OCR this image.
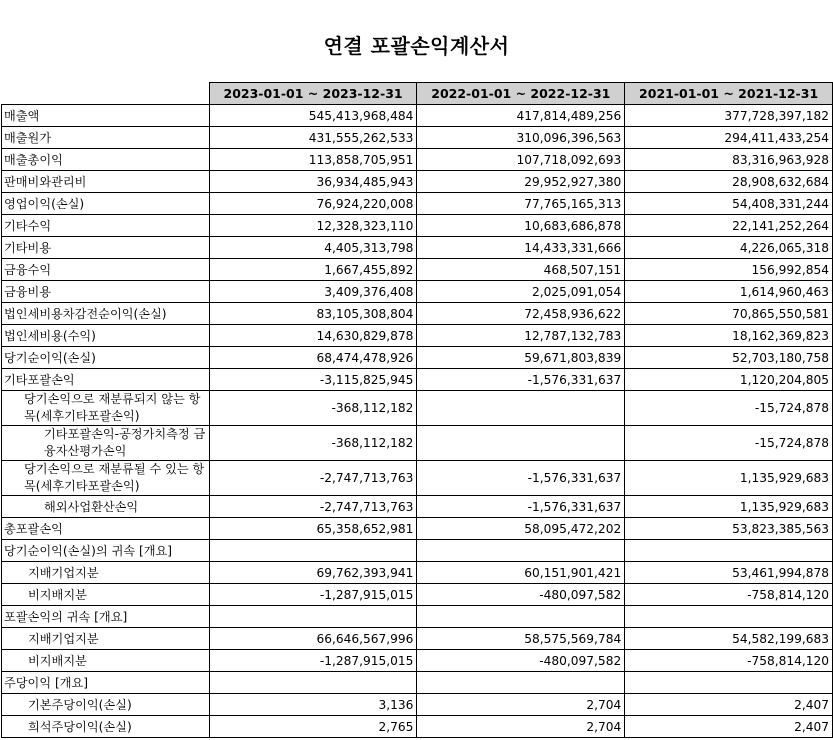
연결 포괄손익계산서
	2023-01-01 ~ 2023-12-31	2022-01-01 ~ 2022-12-31	2021-01-01 ~ 2021-12-31
매출액	545,413,968,484	417,814,489,256	377,728,397,182
매출원가	431,555,262,533	310,096,396,563	294,411,433,254
매출총이익	113,858,705,951	107,718,092,693	83,316,963,928
판매비와관리비	36,934,485,943	29,952,927,380	28,908,632,684
영업이익(손실)	76,924,220,008	77,765,165,313	54,408,331,244
기타수익	12,328,323,110	10,683,686,878	22,141,252,264
기타비용	4,405,313,798	14,433,331,666	4,226,065,318
금융수익	1,667,455,892	468,507,151	156,992,854
금융비용	3,409,376,408	2,025,091,054	1,614,960,463
법인세비용차감전순이익(손실)	83,105,308,804	72,458,936,622	70,865,550,581
법인세비용(수익)	14,630,829,878	12,787,132,783	18,162,369,823
당기순이익(손실)	68,474,478,926	59,671,803,839	52,703,180,758
기타포괄손익	-3,115,825,945	-1,576,331,637	1,120,204,805
당기손익으로 재분류되지 않는 항목(세후기타포괄손익)	-368,112,182		-15,724,878
기타포괄손익-공정가치측정 금융자산평가손익	-368,112,182		-15,724,878
당기손익으로 재분류될 수 있는 항목(세후기타포괄손익)	-2,747,713,763	-1,576,331,637	1,135,929,683
해외사업환산손익	-2,747,713,763	-1,576,331,637	1,135,929,683
총포괄손익	65,358,652,981	58,095,472,202	53,823,385,563
당기순이익(손실)의 귀속 [개요]			
지배기업지분	69,762,393,941	60,151,901,421	53,461,994,878
비지배지분	-1,287,915,015	-480,097,582	-758,814,120
포괄손익의 귀속 [개요]			
지배기업지분	66,646,567,996	58,575,569,784	54,582,199,683
비지배지분	-1,287,915,015	-480,097,582	-758,814,120
주당이익 [개요]			
기본주당이익(손실)	3,136	2,704	2,407
희석주당이익(손실)	2,765	2,704	2,407
